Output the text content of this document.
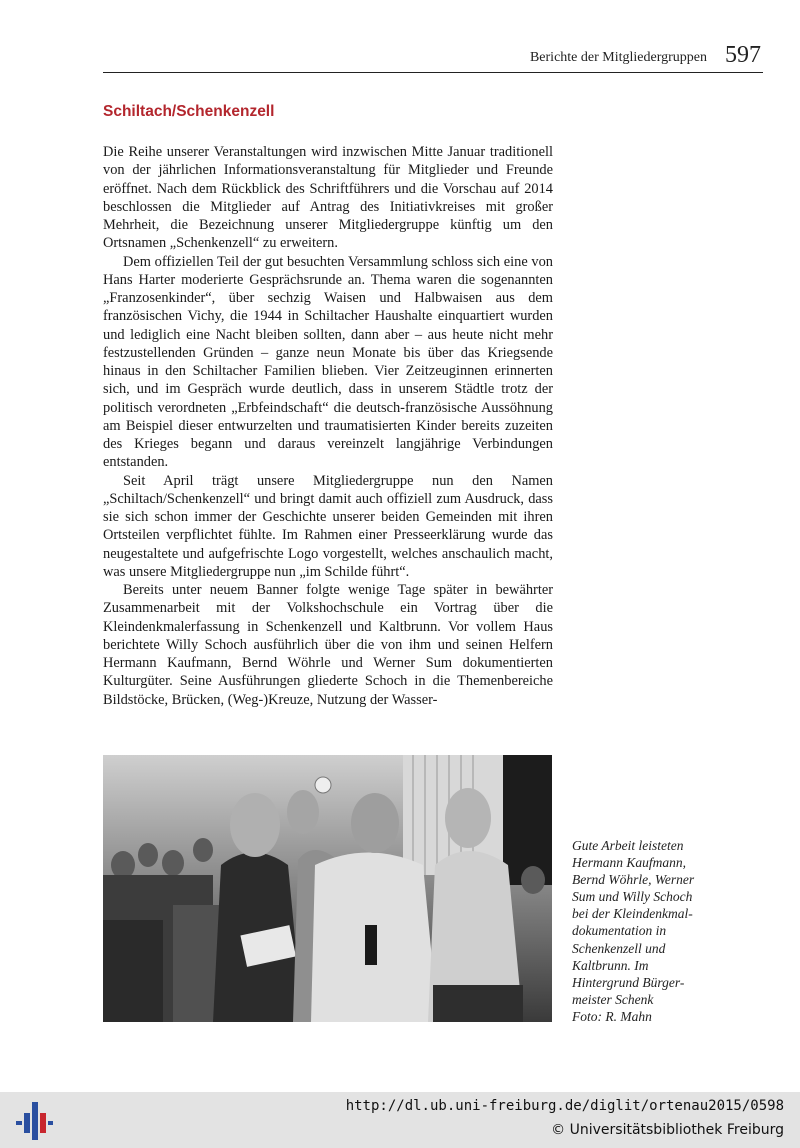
Berichte der Mitgliedergruppen 597
Schiltach/Schenkenzell

Die Reihe unserer Veranstaltungen wird inzwischen Mitte Januar traditionell von der jährlichen Informationsveranstaltung für Mitglieder und Freunde eröffnet. Nach dem Rückblick des Schriftführers und die Vorschau auf 2014 beschlossen die Mitglieder auf Antrag des Initiativkreises mit großer Mehrheit, die Bezeichnung unserer Mitgliedergruppe künftig um den Ortsnamen „Schenkenzell“ zu erweitern.

Dem offiziellen Teil der gut besuchten Versammlung schloss sich eine von Hans Harter moderierte Gesprächsrunde an. Thema waren die sogenannten „Franzosenkinder“, über sechzig Waisen und Halbwaisen aus dem französischen Vichy, die 1944 in Schiltacher Haushalte einquartiert wurden und lediglich eine Nacht bleiben sollten, dann aber – aus heute nicht mehr festzustellenden Gründen – ganze neun Monate bis über das Kriegsende hinaus in den Schiltacher Familien blieben. Vier Zeitzeuginnen erinnerten sich, und im Gespräch wurde deutlich, dass in unserem Städtle trotz der politisch verordneten „Erbfeindschaft“ die deutsch-französische Aussöhnung am Beispiel dieser entwurzelten und traumatisierten Kinder bereits zuzeiten des Krieges begann und daraus vereinzelt langjährige Verbindungen entstanden.

Seit April trägt unsere Mitgliedergruppe nun den Namen „Schiltach/Schenkenzell“ und bringt damit auch offiziell zum Ausdruck, dass sie sich schon immer der Geschichte unserer beiden Gemeinden mit ihren Ortsteilen verpflichtet fühlte. Im Rahmen einer Presseerklärung wurde das neugestaltete und aufgefrischte Logo vorgestellt, welches anschaulich macht, was unsere Mitgliedergruppe nun „im Schilde führt“.

Bereits unter neuem Banner folgte wenige Tage später in bewährter Zusammenarbeit mit der Volkshochschule ein Vortrag über die Kleindenkmalerfassung in Schenkenzell und Kaltbrunn. Vor vollem Haus berichtete Willy Schoch ausführlich über die von ihm und seinen Helfern Hermann Kaufmann, Bernd Wöhrle und Werner Sum dokumentierten Kulturgüter. Seine Ausführungen gliederte Schoch in die Themenbereiche Bildstöcke, Brücken, (Weg-)Kreuze, Nutzung der Wasser-

Gute Arbeit leisteten
Hermann Kaufmann,
Bernd Wöhrle, Werner
Sum und Willy Schoch
bei der Kleindenkmal-
dokumentation in
Schenkenzell und
Kaltbrunn. Im
Hintergrund Bürger-
meister Schenk
Foto: R. Mahn
http://dl.ub.uni-freiburg.de/diglit/ortenau2015/0598
© Universitätsbibliothek Freiburg
